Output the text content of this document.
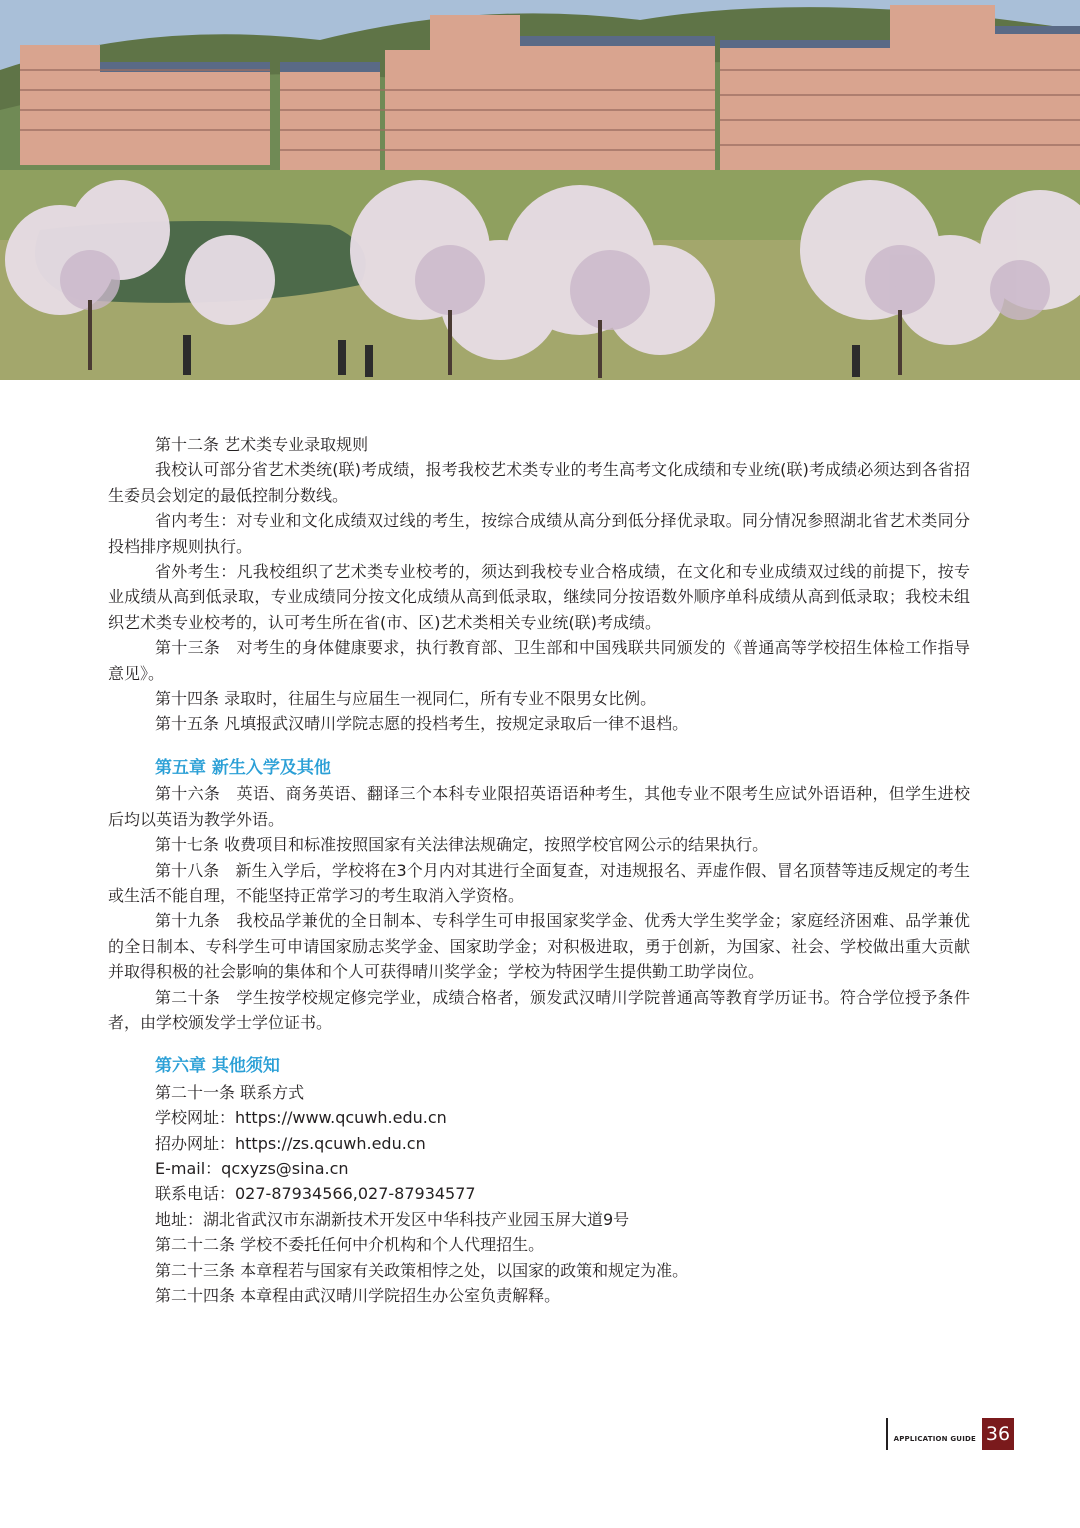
第十二条 艺术类专业录取规则

我校认可部分省艺术类统(联)考成绩，报考我校艺术类专业的考生高考文化成绩和专业统(联)考成绩必须达到各省招生委员会划定的最低控制分数线。

省内考生：对专业和文化成绩双过线的考生，按综合成绩从高分到低分择优录取。同分情况参照湖北省艺术类同分投档排序规则执行。

省外考生：凡我校组织了艺术类专业校考的，须达到我校专业合格成绩，在文化和专业成绩双过线的前提下，按专业成绩从高到低录取，专业成绩同分按文化成绩从高到低录取，继续同分按语数外顺序单科成绩从高到低录取；我校未组织艺术类专业校考的，认可考生所在省(市、区)艺术类相关专业统(联)考成绩。

第十三条　对考生的身体健康要求，执行教育部、卫生部和中国残联共同颁发的《普通高等学校招生体检工作指导意见》。

第十四条 录取时，往届生与应届生一视同仁，所有专业不限男女比例。

第十五条 凡填报武汉晴川学院志愿的投档考生，按规定录取后一律不退档。

第五章 新生入学及其他

第十六条　英语、商务英语、翻译三个本科专业限招英语语种考生，其他专业不限考生应试外语语种，但学生进校后均以英语为教学外语。

第十七条 收费项目和标准按照国家有关法律法规确定，按照学校官网公示的结果执行。

第十八条　新生入学后，学校将在3个月内对其进行全面复查，对违规报名、弄虚作假、冒名顶替等违反规定的考生或生活不能自理，不能坚持正常学习的考生取消入学资格。

第十九条　我校品学兼优的全日制本、专科学生可申报国家奖学金、优秀大学生奖学金；家庭经济困难、品学兼优的全日制本、专科学生可申请国家励志奖学金、国家助学金；对积极进取，勇于创新，为国家、社会、学校做出重大贡献并取得积极的社会影响的集体和个人可获得晴川奖学金；学校为特困学生提供勤工助学岗位。

第二十条　学生按学校规定修完学业，成绩合格者，颁发武汉晴川学院普通高等教育学历证书。符合学位授予条件者，由学校颁发学士学位证书。

第六章 其他须知

第二十一条 联系方式

学校网址：https://www.qcuwh.edu.cn

招办网址：https://zs.qcuwh.edu.cn

E-mail：qcxyzs@sina.cn

联系电话：027-87934566,027-87934577

地址：湖北省武汉市东湖新技术开发区中华科技产业园玉屏大道9号

第二十二条 学校不委托任何中介机构和个人代理招生。

第二十三条 本章程若与国家有关政策相悖之处，以国家的政策和规定为准。

第二十四条 本章程由武汉晴川学院招生办公室负责解释。

APPLICATION GUIDE 36
